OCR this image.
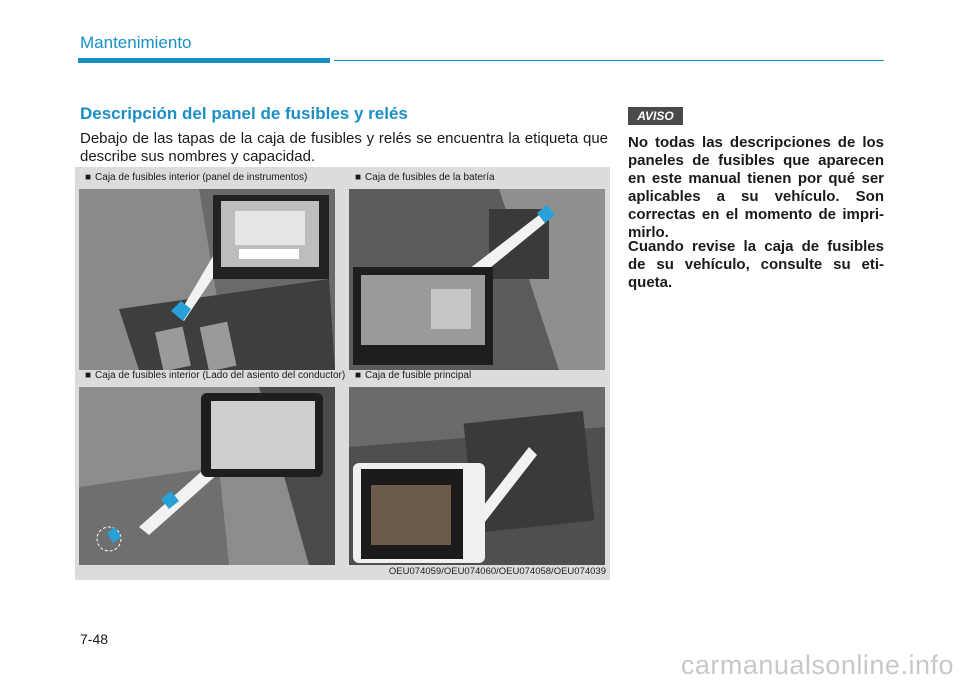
Mantenimiento
Descripción del panel de fusibles y relés
Debajo de las tapas de la caja de fusibles y relés se encuentra la etiqueta que describe sus nombres y capacidad.
■ Caja de fusibles interior (panel de instrumentos)	■ Caja de fusibles de la batería
■ Caja de fusibles interior (Lado del asiento del conductor) ■ Caja de fusible principal
OEU074059/OEU074060/OEU074058/OEU074039
AVISO
No todas las descripciones de los paneles de fusibles que aparecen en este manual tienen por qué ser aplicables a su vehículo. Son correctas en el momento de impri-mirlo.
Cuando revise la caja de fusibles de su vehículo, consulte su eti-queta.
7-48
carmanualsonline.info
